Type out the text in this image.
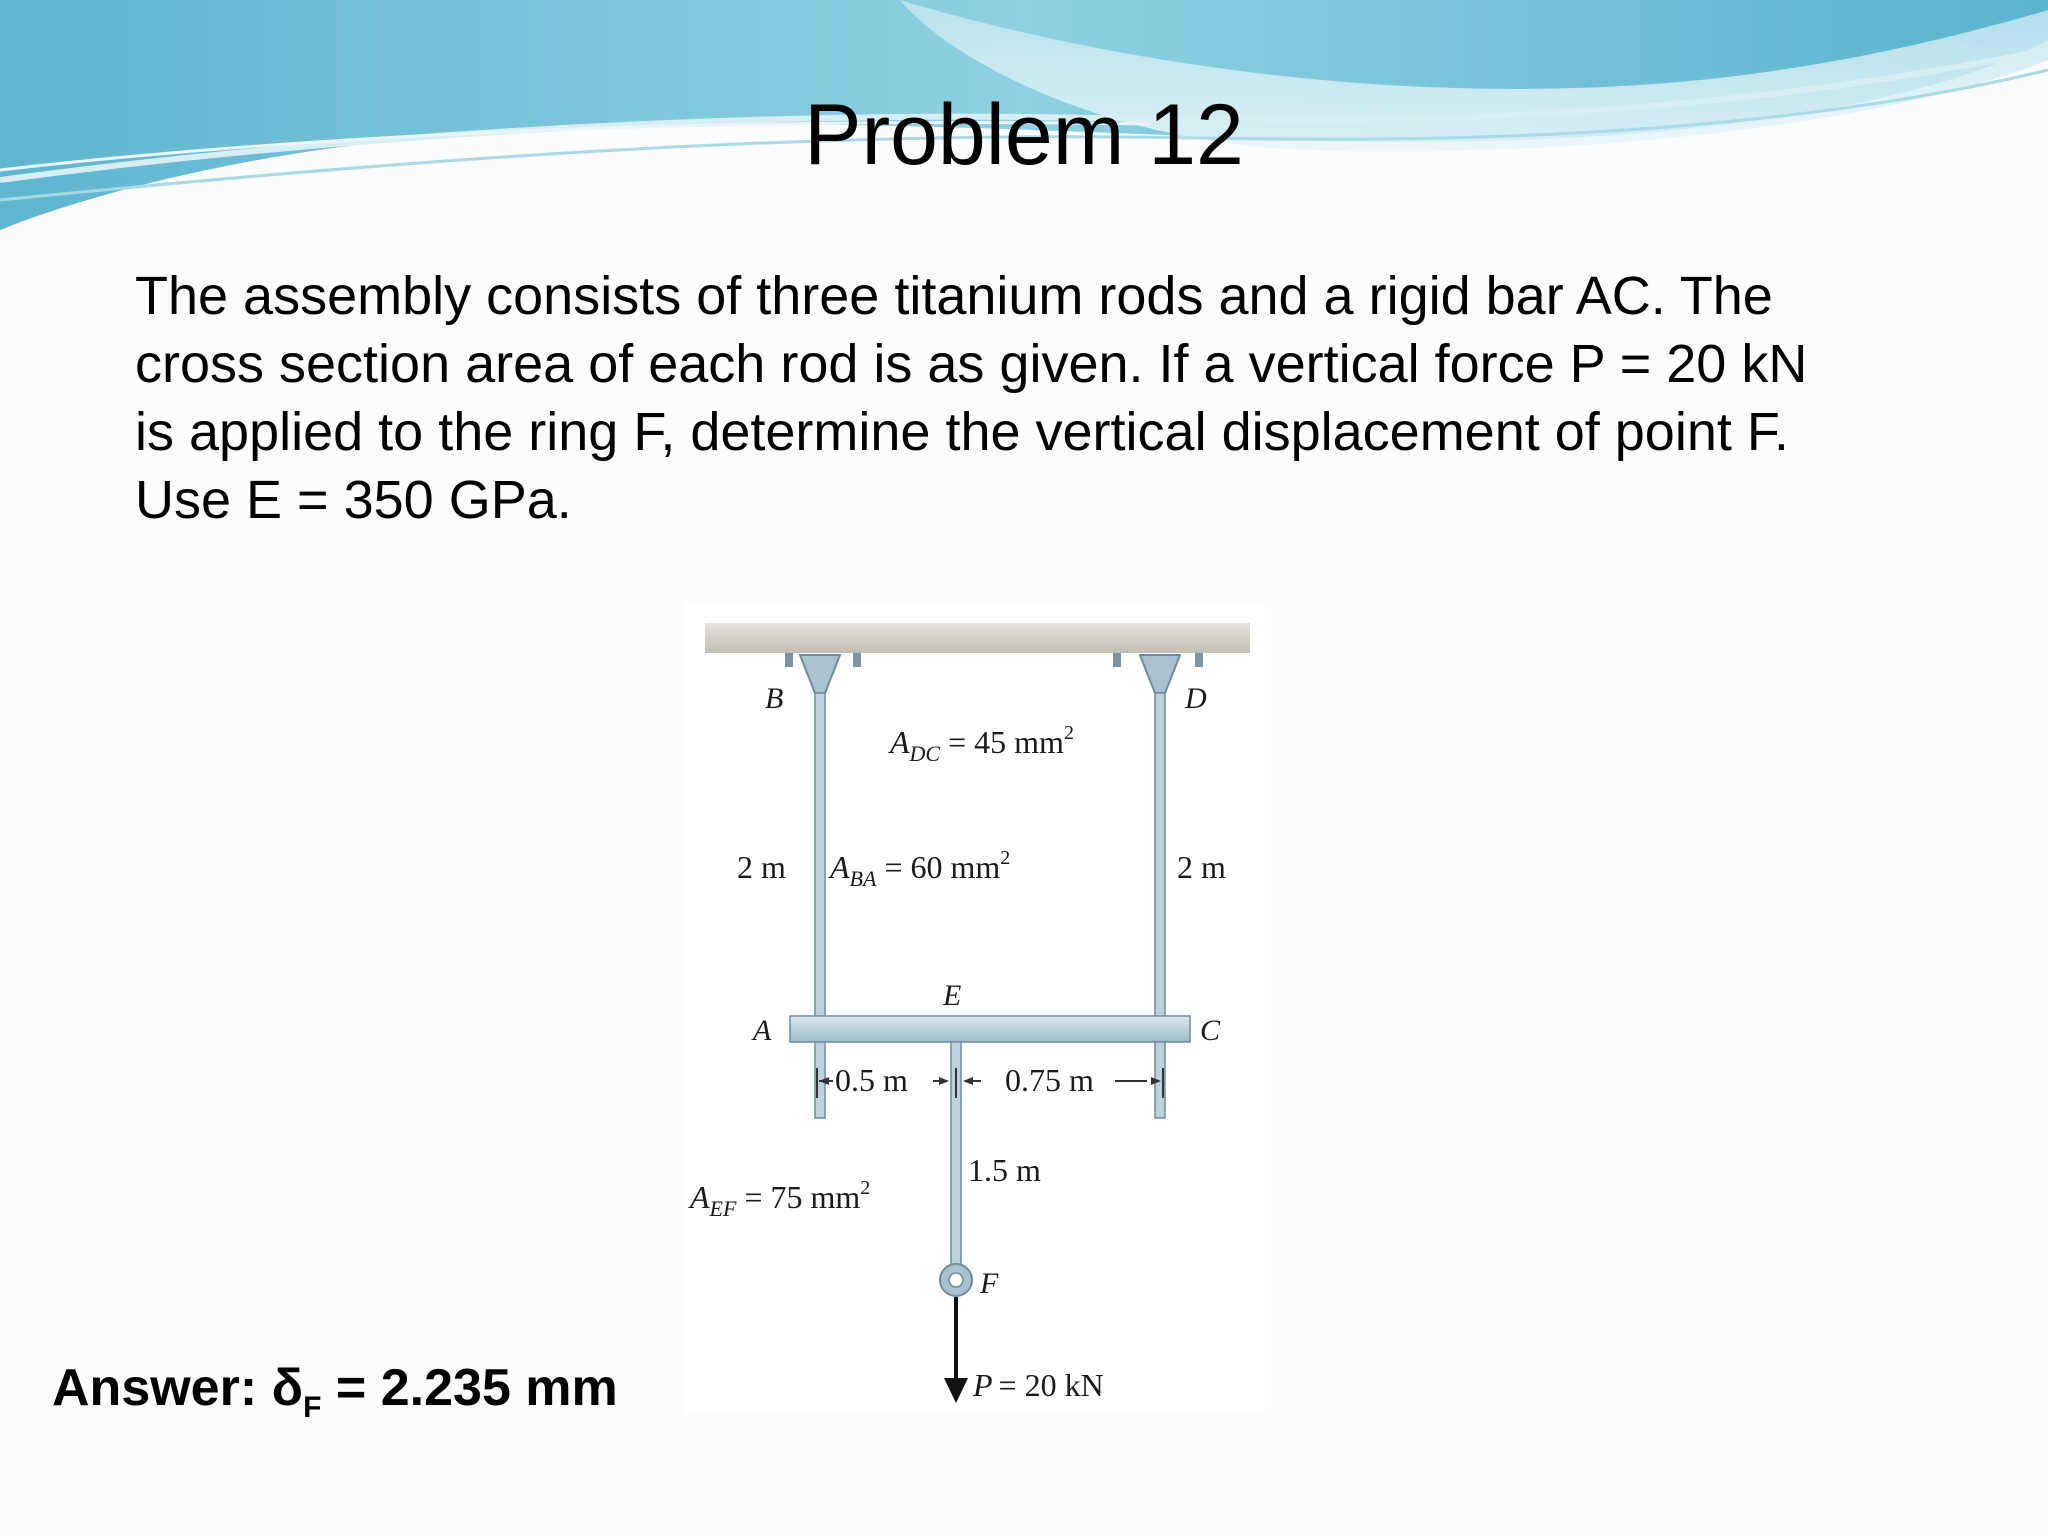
Problem 12
The assembly consists of three titanium rods and a rigid bar AC. The
cross section area of each rod is as given. If a vertical force P = 20 kN
is applied to the ring F, determine the vertical displacement of point F.
Use E = 350 GPa.
B	D
A	C
E
F
$A_{DC} = 45$ $mm^2$
$A_{BA} = 60$ $mm^2$
$A_{EF} = 75$ $mm^2$
2 m	2 m
0.5 m	0.75 m
1.5 m
P = 20 kN
Answer: $\delta_F = 2.235$ mm
